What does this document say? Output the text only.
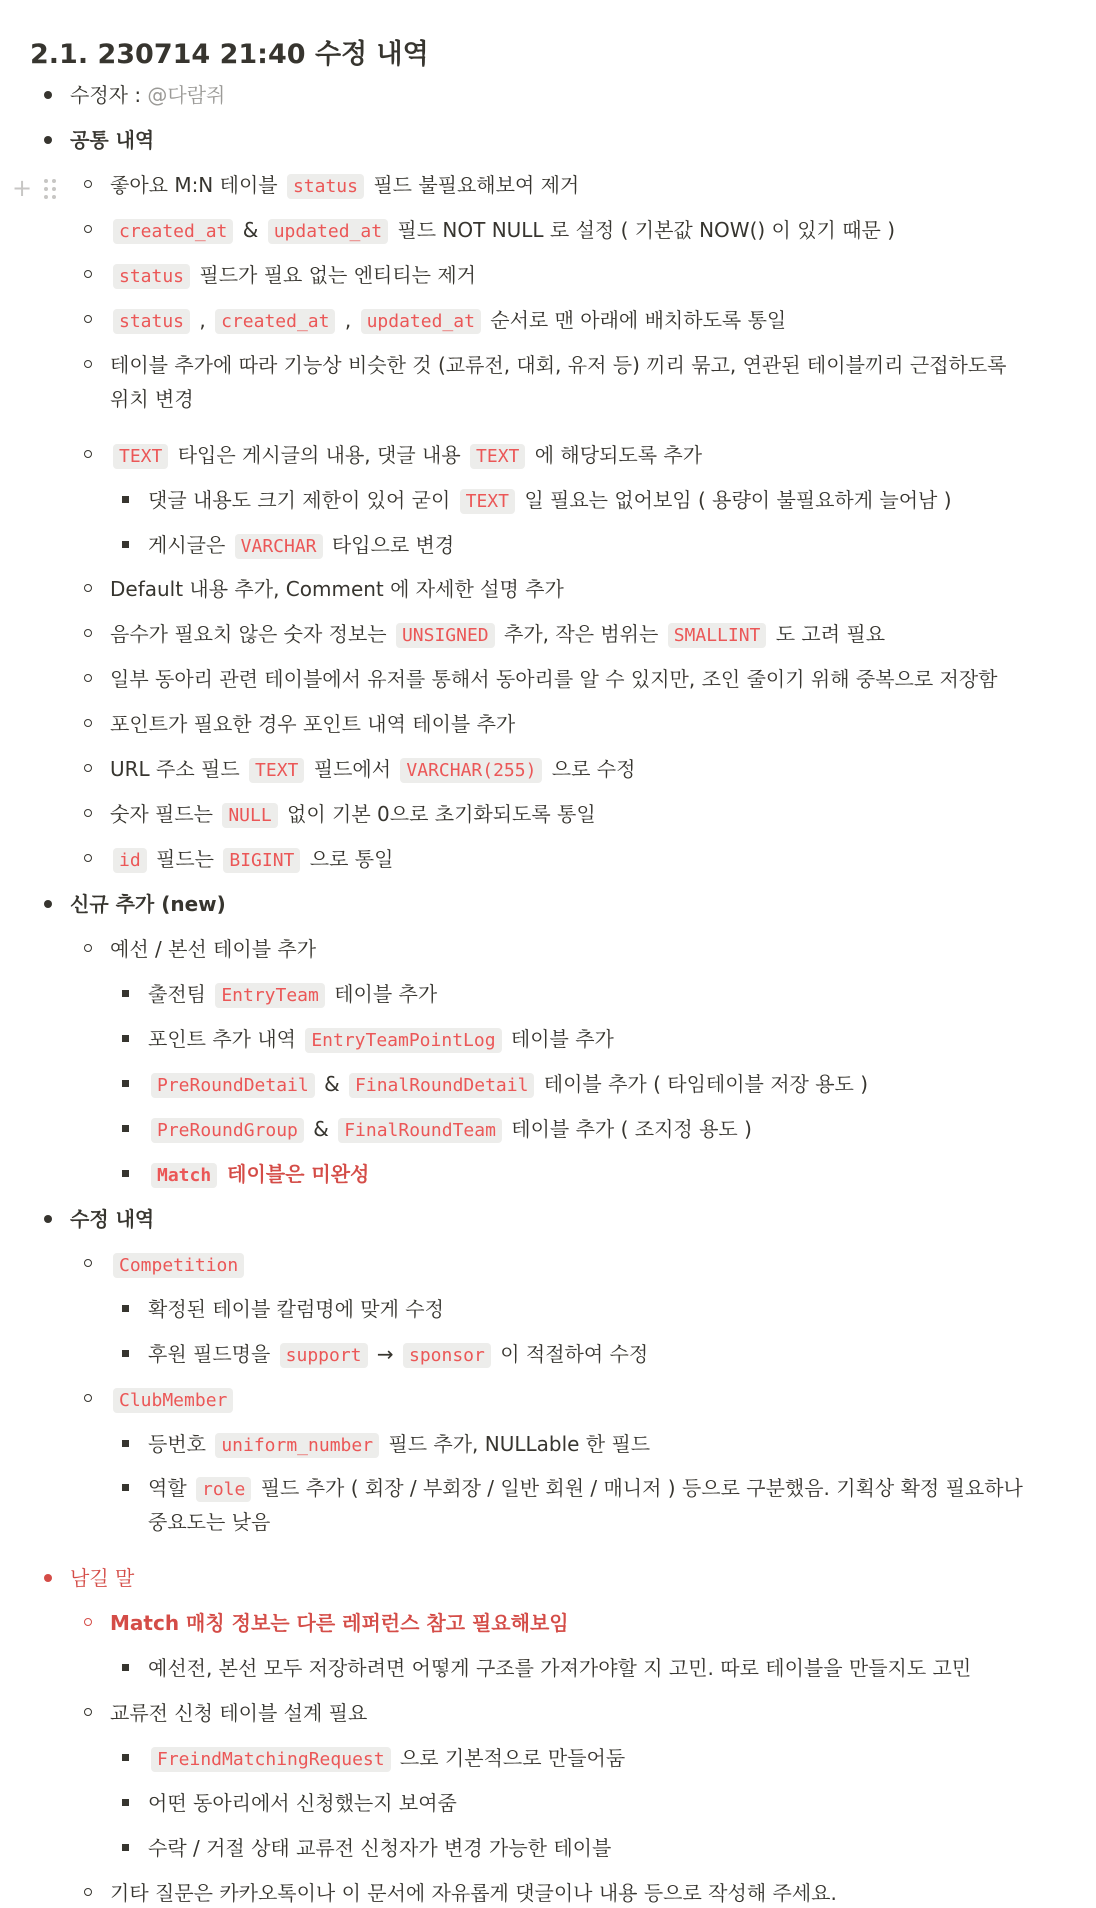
2.1. 230714 21:40 수정 내역
+
수정자 : @다람쥐
공통 내역
좋아요 M:N 테이블 status 필드 불필요해보여 제거
created_at & updated_at 필드 NOT NULL 로 설정 ( 기본값 NOW() 이 있기 때문 )
status 필드가 필요 없는 엔티티는 제거
status , created_at , updated_at 순서로 맨 아래에 배치하도록 통일
테이블 추가에 따라 기능상 비슷한 것 (교류전, 대회, 유저 등) 끼리 묶고, 연관된 테이블끼리 근접하도록
위치 변경
TEXT 타입은 게시글의 내용, 댓글 내용 TEXT 에 해당되도록 추가
댓글 내용도 크기 제한이 있어 굳이 TEXT 일 필요는 없어보임 ( 용량이 불필요하게 늘어남 )
게시글은 VARCHAR 타입으로 변경
Default 내용 추가, Comment 에 자세한 설명 추가
음수가 필요치 않은 숫자 정보는 UNSIGNED 추가, 작은 범위는 SMALLINT 도 고려 필요
일부 동아리 관련 테이블에서 유저를 통해서 동아리를 알 수 있지만, 조인 줄이기 위해 중복으로 저장함
포인트가 필요한 경우 포인트 내역 테이블 추가
URL 주소 필드 TEXT 필드에서 VARCHAR(255) 으로 수정
숫자 필드는 NULL 없이 기본 0으로 초기화되도록 통일
id 필드는 BIGINT 으로 통일
신규 추가 (new)
예선 / 본선 테이블 추가
출전팀 EntryTeam 테이블 추가
포인트 추가 내역 EntryTeamPointLog 테이블 추가
PreRoundDetail & FinalRoundDetail 테이블 추가 ( 타임테이블 저장 용도 )
PreRoundGroup & FinalRoundTeam 테이블 추가 ( 조지정 용도 )
Match 테이블은 미완성
수정 내역
Competition
확정된 테이블 칼럼명에 맞게 수정
후원 필드명을 support → sponsor 이 적절하여 수정
ClubMember
등번호 uniform_number 필드 추가, NULLable 한 필드
역할 role 필드 추가 ( 회장 / 부회장 / 일반 회원 / 매니저 ) 등으로 구분했음. 기획상 확정 필요하나
중요도는 낮음
남길 말
Match 매칭 정보는 다른 레퍼런스 참고 필요해보임
예선전, 본선 모두 저장하려면 어떻게 구조를 가져가야할 지 고민. 따로 테이블을 만들지도 고민
교류전 신청 테이블 설계 필요
FreindMatchingRequest 으로 기본적으로 만들어둠
어떤 동아리에서 신청했는지 보여줌
수락 / 거절 상태 교류전 신청자가 변경 가능한 테이블
기타 질문은 카카오톡이나 이 문서에 자유롭게 댓글이나 내용 등으로 작성해 주세요.
